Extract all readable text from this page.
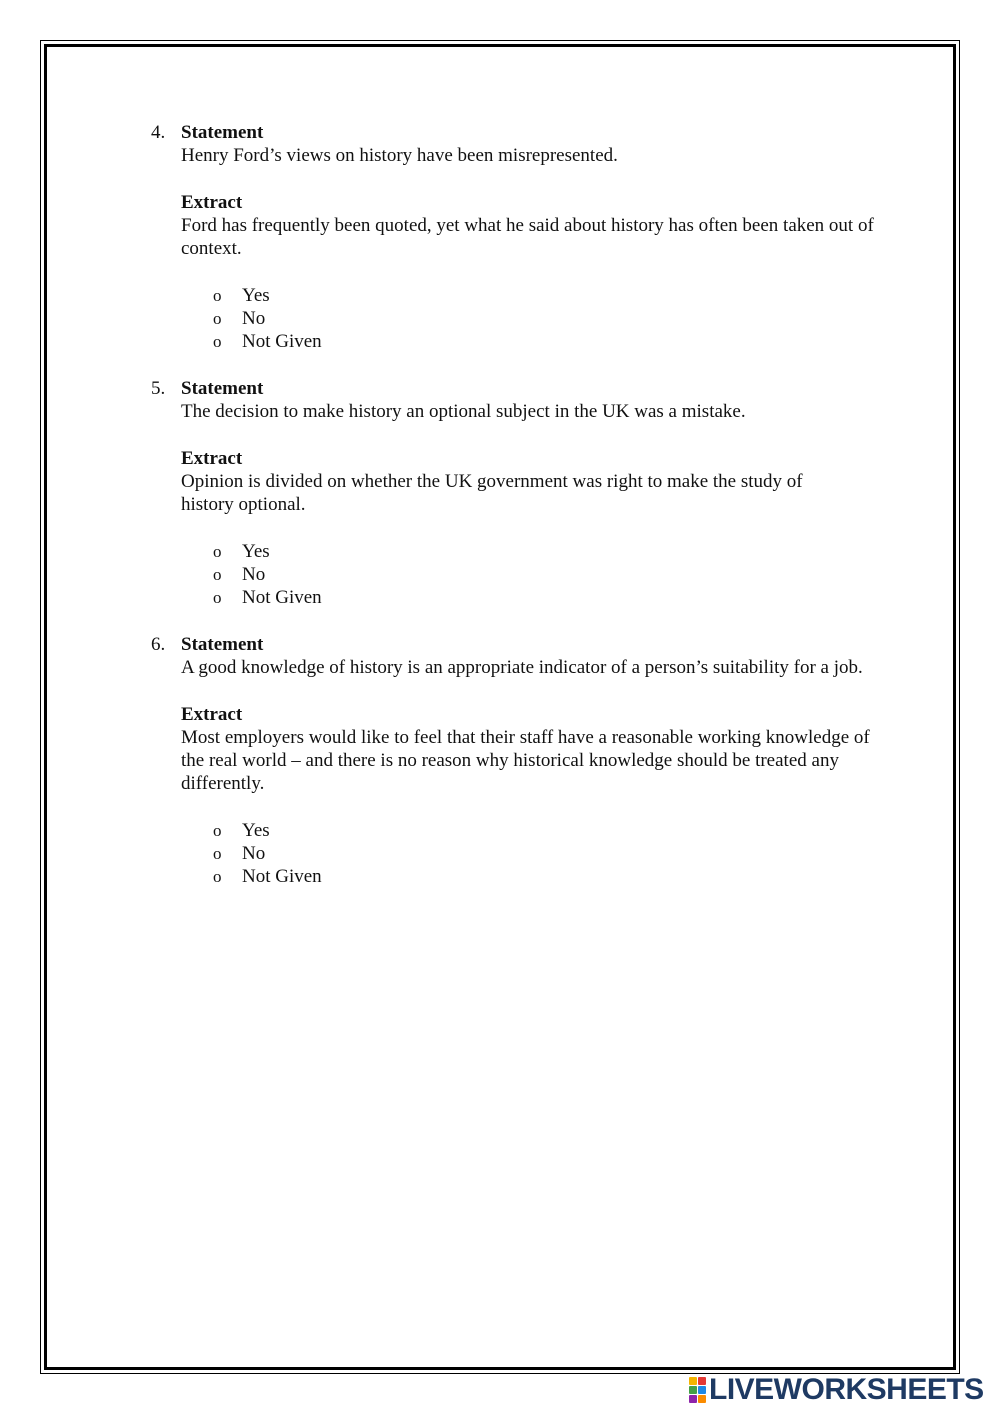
4. Statement

Henry Ford’s views on history have been misrepresented.

Extract

Ford has frequently been quoted, yet what he said about history has often been taken out of context.

o Yes
o No
o Not Given
5. Statement

The decision to make history an optional subject in the UK was a mistake.

Extract

Opinion is divided on whether the UK government was right to make the study of history optional.

o Yes
o No
o Not Given
6. Statement

A good knowledge of history is an appropriate indicator of a person’s suitability for a job.

Extract

Most employers would like to feel that their staff have a reasonable working knowledge of the real world – and there is no reason why historical knowledge should be treated any differently.

o Yes
o No
o Not Given
LIVEWORKSHEETS
